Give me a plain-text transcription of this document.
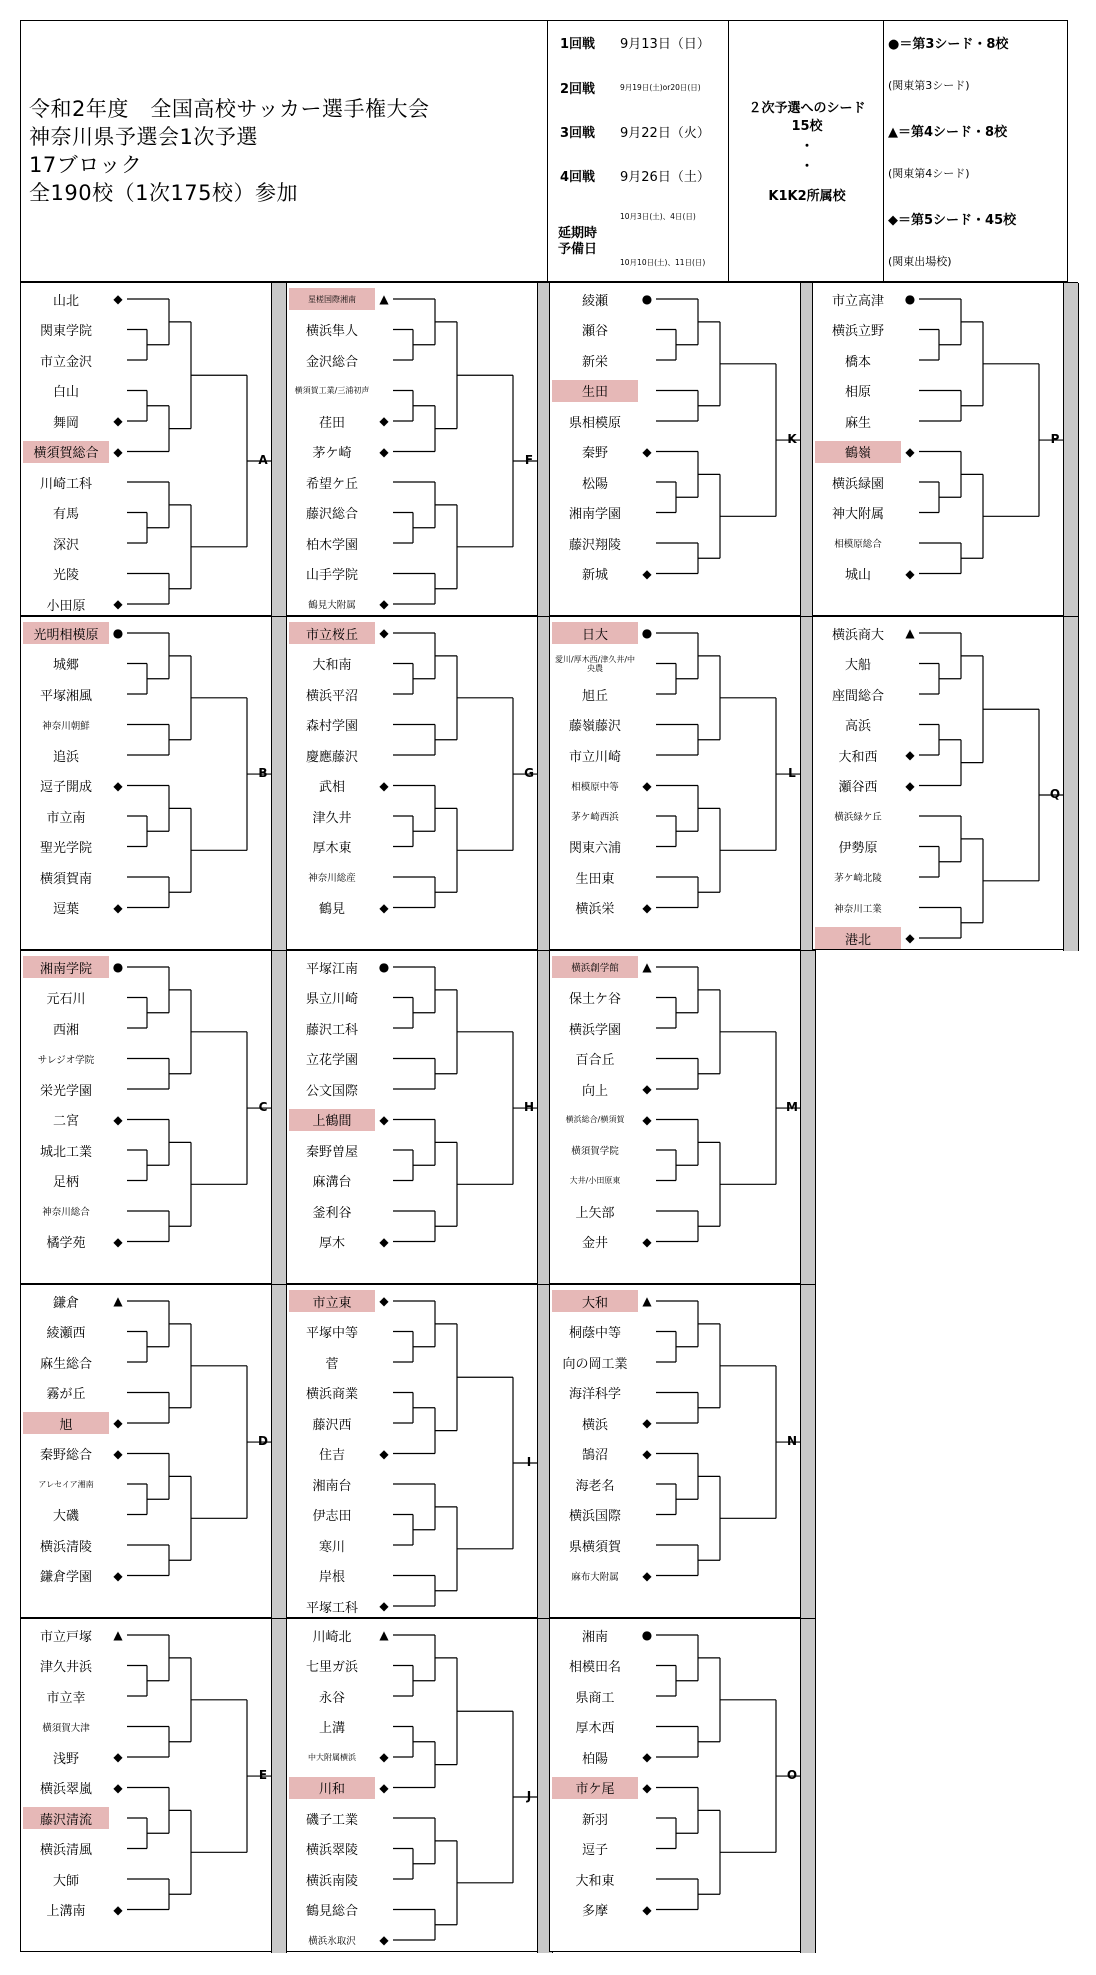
令和2年度　全国高校サッカー選手権大会
神奈川県予選会1次予選
17ブロック
全190校（1次175校）参加
1回戦 9月13日（日）
2回戦	9月19日(土)or20日(日)
3回戦 9月22日（火）
4回戦 9月26日（土）
延期時
予備日
10月3日(土)、4日(日)
10月10日(土)、11日(日)
２次予選へのシード
15校
・
・
K1K2所属校
●＝第3シード・8校
(関東第3シード)
▲＝第4シード・8校
(関東第4シード)
◆＝第5シード・45校
(関東出場校)
山北	◆
関東学院
市立金沢
白山
舞岡	◆
横須賀総合	◆
川崎工科
有馬
深沢
光陵
小田原	◆
A
光明相模原	●
城郷
平塚湘風
神奈川朝鮮
追浜
逗子開成	◆
市立南
聖光学院
横須賀南
逗葉	◆
B
湘南学院	●
元石川
西湘
サレジオ学院
栄光学園
二宮	◆
城北工業
足柄
神奈川総合
橘学苑	◆
C
鎌倉	▲
綾瀬西
麻生総合
霧が丘
旭	◆
秦野総合	◆
アレセイア湘南
大磯
横浜清陵
鎌倉学園	◆
D
市立戸塚	▲
津久井浜
市立幸
横須賀大津
浅野	◆
横浜翠嵐	◆
藤沢清流
横浜清風
大師
上溝南	◆
E
星槎国際湘南	▲
横浜隼人
金沢総合
横須賀工業/三浦初声
荏田	◆
茅ケ崎	◆
希望ケ丘
藤沢総合
柏木学園
山手学院
鶴見大附属	◆
F
市立桜丘	◆
大和南
横浜平沼
森村学園
慶應藤沢
武相	◆
津久井
厚木東
神奈川総産
鶴見	◆
G
平塚江南	●
県立川崎
藤沢工科
立花学園
公文国際
上鶴間	◆
秦野曽屋
麻溝台
釜利谷
厚木	◆
H
市立東	◆
平塚中等
菅
横浜商業
藤沢西
住吉	◆
湘南台
伊志田
寒川
岸根
平塚工科	◆
I
川崎北	▲
七里ガ浜
永谷
上溝
中大附属横浜	◆
川和	◆
磯子工業
横浜翠陵
横浜南陵
鶴見総合
横浜氷取沢	◆
J
綾瀬	●
瀬谷
新栄
生田
県相模原
秦野	◆
松陽
湘南学園
藤沢翔陵
新城	◆
K
日大	●
愛川/厚木西/津久井/中央農
旭丘
藤嶺藤沢
市立川崎
相模原中等	◆
茅ケ崎西浜
関東六浦
生田東
横浜栄	◆
L
横浜創学館	▲
保土ケ谷
横浜学園
百合丘
向上	◆
横浜総合/横須賀	◆
横須賀学院
大井/小田原東
上矢部
金井	◆
M
大和	▲
桐蔭中等
向の岡工業
海洋科学
横浜	◆
鵠沼	◆
海老名
横浜国際
県横須賀
麻布大附属	◆
N
湘南	●
相模田名
県商工
厚木西
柏陽	◆
市ケ尾	◆
新羽
逗子
大和東
多摩	◆
O
市立高津	●
横浜立野
橋本
相原
麻生
鶴嶺	◆
横浜緑園
神大附属
相模原総合
城山	◆
P
横浜商大	▲
大船
座間総合
高浜
大和西	◆
瀬谷西	◆
横浜緑ケ丘
伊勢原
茅ケ崎北陵
神奈川工業
港北	◆
Q
